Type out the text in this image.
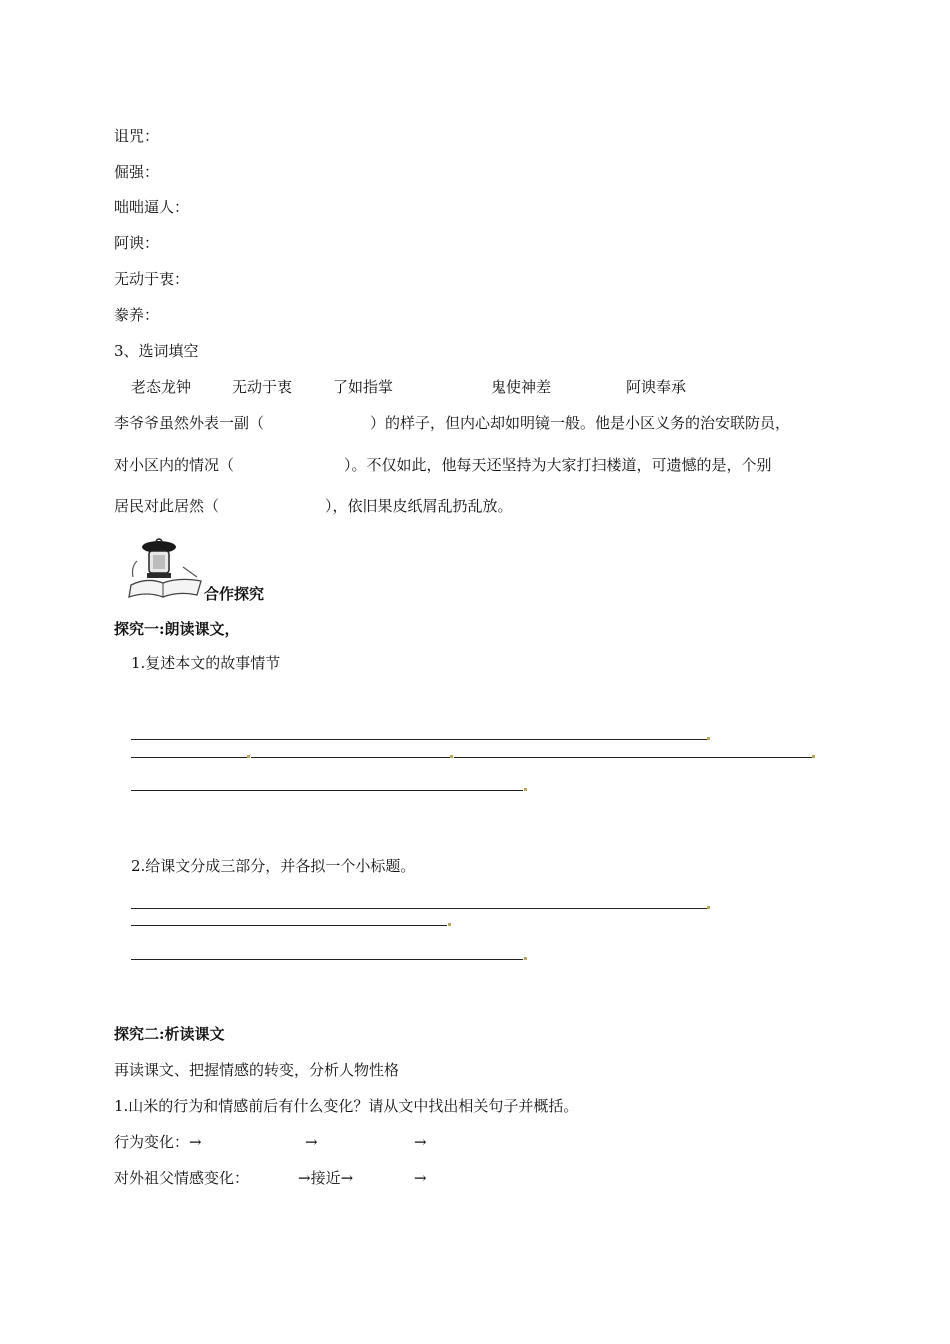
诅咒：
倔强：
咄咄逼人：
阿谀：
无动于衷：
豢养：
3、选词填空
老态龙钟	无动于衷	了如指掌	鬼使神差	阿谀奉承
李爷爷虽然外表一副（	）的样子，但内心却如明镜一般。他是小区义务的治安联防员，
对小区内的情况（	）。不仅如此，他每天还坚持为大家打扫楼道，可遗憾的是，个别
居民对此居然（	），依旧果皮纸屑乱扔乱放。
合作探究
探究一:朗读课文，
1.复述本文的故事情节
2.给课文分成三部分，并各拟一个小标题。
探究二:析读课文
再读课文、把握情感的转变，分析人物性格
1.山米的行为和情感前后有什么变化？请从文中找出相关句子并概括。
行为变化：→	→	→
对外祖父情感变化：	→接近→	→
